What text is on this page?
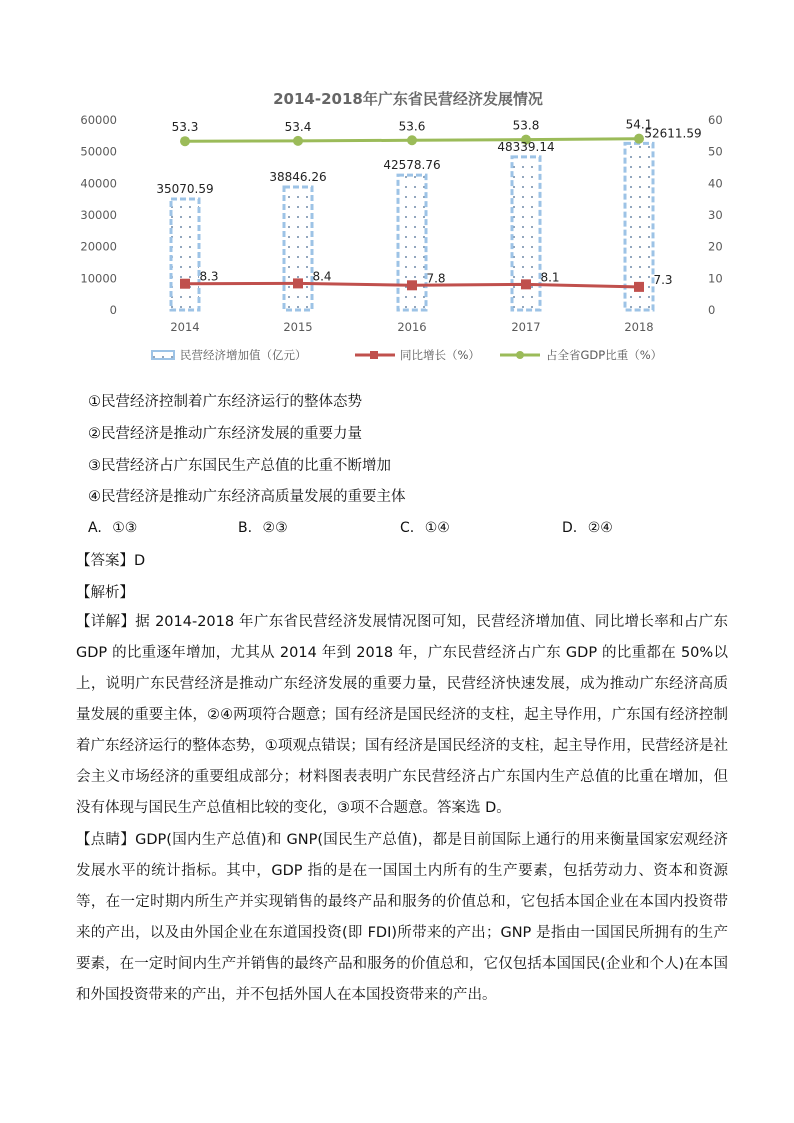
2014-2018年广东省民营经济发展情况
0
10000
20000
30000
40000
50000
60000
0
10
20
30
40
50
60
2014	2015	2016	2017	2018
35070.59
38846.26
42578.76
48339.14
52611.59
53.3	53.4	53.6	53.8	54.1
8.3	8.4	7.8	8.1	7.3
民营经济增加值（亿元）	同比增长（%）	占全省GDP比重（%）
①民营经济控制着广东经济运行的整体态势
②民营经济是推动广东经济发展的重要力量
③民营经济占广东国民生产总值的比重不断增加
④民营经济是推动广东经济高质量发展的重要主体
A. ①③	B. ②③	C. ①④	D. ②④
【答案】D
【解析】

【详解】据 2014-2018 年广东省民营经济发展情况图可知，民营经济增加值、同比增长率和占广东 GDP 的比重逐年增加，尤其从 2014 年到 2018 年，广东民营经济占广东 GDP 的比重都在 50%以上，说明广东民营经济是推动广东经济发展的重要力量，民营经济快速发展，成为推动广东经济高质量发展的重要主体，②④两项符合题意；国有经济是国民经济的支柱，起主导作用，广东国有经济控制着广东经济运行的整体态势，①项观点错误；国有经济是国民经济的支柱，起主导作用，民营经济是社会主义市场经济的重要组成部分；材料图表表明广东民营经济占广东国内生产总值的比重在增加，但没有体现与国民生产总值相比较的变化，③项不合题意。答案选 D。

【点睛】GDP(国内生产总值)和 GNP(国民生产总值)，都是目前国际上通行的用来衡量国家宏观经济发展水平的统计指标。其中，GDP 指的是在一国国土内所有的生产要素，包括劳动力、资本和资源等，在一定时期内所生产并实现销售的最终产品和服务的价值总和，它包括本国企业在本国内投资带来的产出，以及由外国企业在东道国投资(即 FDI)所带来的产出；GNP 是指由一国国民所拥有的生产要素，在一定时间内生产并销售的最终产品和服务的价值总和，它仅包括本国国民(企业和个人)在本国和外国投资带来的产出，并不包括外国人在本国投资带来的产出。
